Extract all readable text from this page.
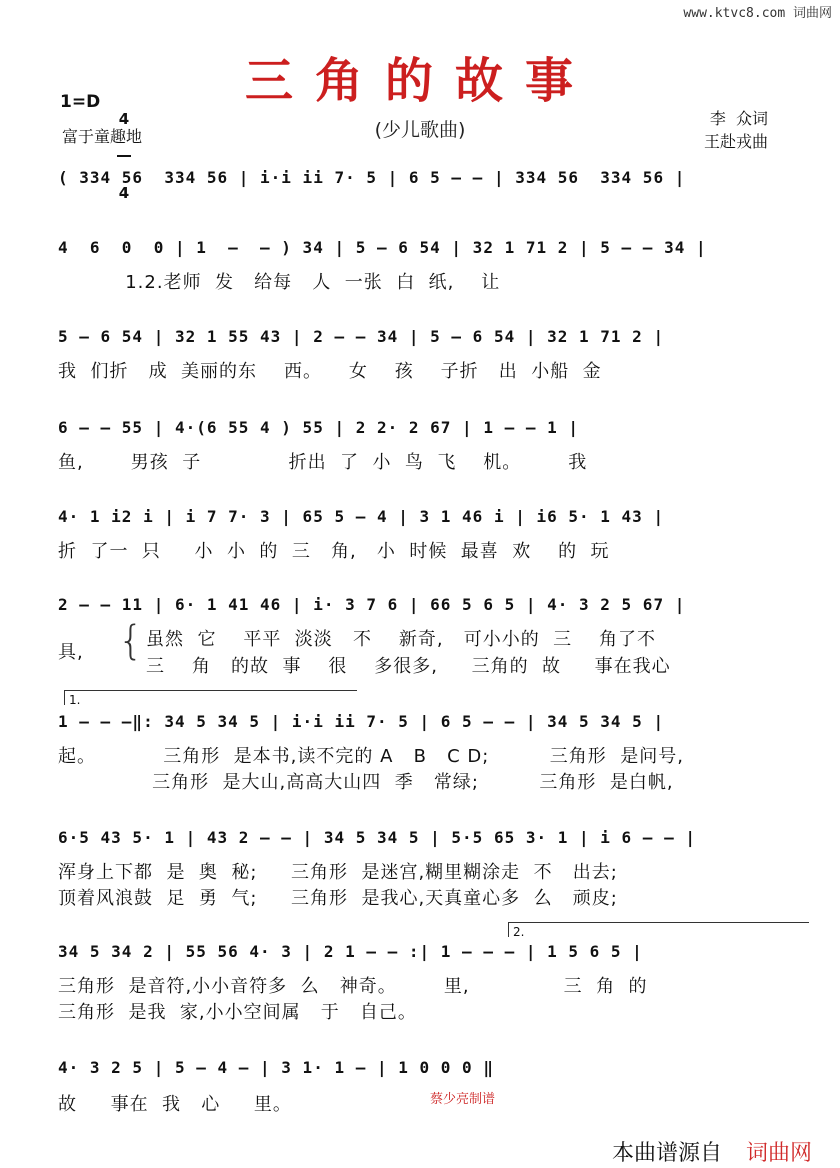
www.ktvc8.com 词曲网
三角的故事
(少儿歌曲)
1=D

4

4

富于童趣地
李  众词
王赴戎曲
( 334 56  334 56 | i·i ii 7· 5 | 6 5 — — | 334 56  334 56 |
4  6  0  0 | 1  —  — ) 34 | 5 — 6 54 | 32 1 71 2 | 5 — — 34 |
1.2.老师  发   给每   人  一张  白  纸,    让
5 — 6 54 | 32 1 55 43 | 2 — — 34 | 5 — 6 54 | 32 1 71 2 |
我  们折   成  美丽的东    西。    女    孩    子折   出  小船  金
6 — — 55 | 4·(6 55 4 ) 55 | 2 2· 2 67 | 1 — — 1 |
鱼,       男孩  子             折出  了  小  鸟  飞    机。       我
4· 1 i2 i | i 7 7· 3 | 65 5 — 4 | 3 1 46 i | i6 5· 1 43 |
折  了一  只     小  小  的  三   角,   小  时候  最喜  欢    的  玩
2 — — 11 | 6· 1 41 46 | i· 3 7 6 | 66 5 6 5 | 4· 3 2 5 67 |
具, { 虽然  它    平平  淡淡   不    新奇,   可小小的  三    角了不
三    角   的故  事    很    多很多,     三角的  故     事在我心
1.
1 — — —‖: 34 5 34 5 | i·i ii 7· 5 | 6 5 — — | 34 5 34 5 |
起。          三角形  是本书,读不完的 A   B   C D;         三角形  是问号,
三角形  是大山,高高大山四  季   常绿;         三角形  是白帆,
6·5 43 5· 1 | 43 2 — — | 34 5 34 5 | 5·5 65 3· 1 | i 6 — — |
浑身上下都  是  奥  秘;     三角形  是迷宫,糊里糊涂走  不   出去;
顶着风浪鼓  足  勇  气;     三角形  是我心,天真童心多  么   顽皮;
2.
34 5 34 2 | 55 56 4· 3 | 2 1 — — :| 1 — — — | 1 5 6 5 |
三角形  是音符,小小音符多  么   神奇。       里,              三  角  的
三角形  是我  家,小小空间属   于   自己。
4· 3 2 5 | 5 — 4 — | 3 1· 1 — | 1 0 0 0 ‖
故     事在  我   心     里。	蔡少亮制谱
本曲谱源自 词曲网
